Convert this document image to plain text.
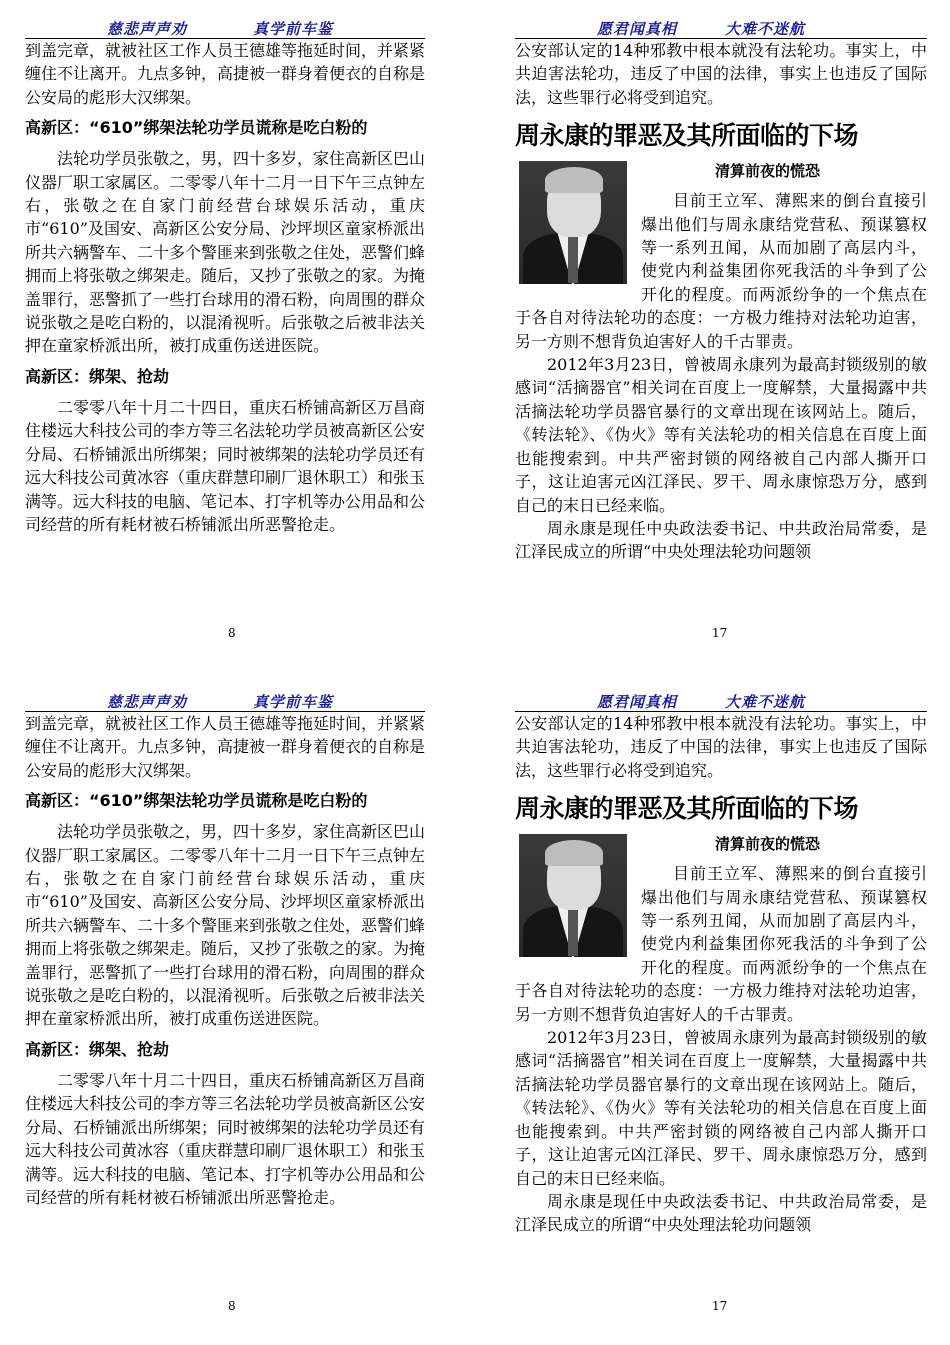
慈悲声声劝	真学前车鉴

到盖完章，就被社区工作人员王德雄等拖延时间，并紧紧缠住不让离开。九点多钟，高捷被一群身着便衣的自称是公安局的彪形大汉绑架。

高新区：“610”绑架法轮功学员谎称是吃白粉的

法轮功学员张敬之，男，四十多岁，家住高新区巴山仪器厂职工家属区。二零零八年十二月一日下午三点钟左右，张敬之在自家门前经营台球娱乐活动，重庆市“610”及国安、高新区公安分局、沙坪坝区童家桥派出所共六辆警车、二十多个警匪来到张敬之住处，恶警们蜂拥而上将张敬之绑架走。随后，又抄了张敬之的家。为掩盖罪行，恶警抓了一些打台球用的滑石粉，向周围的群众说张敬之是吃白粉的，以混淆视听。后张敬之后被非法关押在童家桥派出所，被打成重伤送进医院。

高新区：绑架、抢劫

二零零八年十月二十四日，重庆石桥铺高新区万昌商住楼远大科技公司的李方等三名法轮功学员被高新区公安分局、石桥铺派出所绑架；同时被绑架的法轮功学员还有远大科技公司黄冰容（重庆群慧印刷厂退休职工）和张玉满等。远大科技的电脑、笔记本、打字机等办公用品和公司经营的所有耗材被石桥铺派出所恶警抢走。

8
愿君闻真相	大难不迷航

公安部认定的14种邪教中根本就没有法轮功。事实上，中共迫害法轮功，违反了中国的法律，事实上也违反了国际法，这些罪行必将受到追究。

周永康的罪恶及其所面临的下场
清算前夜的慌恐

目前王立军、薄熙来的倒台直接引爆出他们与周永康结党营私、预谋篡权等一系列丑闻，从而加剧了高层内斗，使党内利益集团你死我活的斗争到了公开化的程度。而两派纷争的一个焦点在于各自对待法轮功的态度：一方极力维持对法轮功迫害，另一方则不想背负迫害好人的千古罪责。

2012年3月23日，曾被周永康列为最高封锁级别的敏感词“活摘器官”相关词在百度上一度解禁，大量揭露中共活摘法轮功学员器官暴行的文章出现在该网站上。随后，《转法轮》、《伪火》等有关法轮功的相关信息在百度上面也能搜索到。中共严密封锁的网络被自己内部人撕开口子，这让迫害元凶江泽民、罗干、周永康惊恐万分，感到自己的末日已经来临。

周永康是现任中央政法委书记、中共政治局常委，是江泽民成立的所谓“中央处理法轮功问题领

17
慈悲声声劝	真学前车鉴

到盖完章，就被社区工作人员王德雄等拖延时间，并紧紧缠住不让离开。九点多钟，高捷被一群身着便衣的自称是公安局的彪形大汉绑架。

高新区：“610”绑架法轮功学员谎称是吃白粉的

法轮功学员张敬之，男，四十多岁，家住高新区巴山仪器厂职工家属区。二零零八年十二月一日下午三点钟左右，张敬之在自家门前经营台球娱乐活动，重庆市“610”及国安、高新区公安分局、沙坪坝区童家桥派出所共六辆警车、二十多个警匪来到张敬之住处，恶警们蜂拥而上将张敬之绑架走。随后，又抄了张敬之的家。为掩盖罪行，恶警抓了一些打台球用的滑石粉，向周围的群众说张敬之是吃白粉的，以混淆视听。后张敬之后被非法关押在童家桥派出所，被打成重伤送进医院。

高新区：绑架、抢劫

二零零八年十月二十四日，重庆石桥铺高新区万昌商住楼远大科技公司的李方等三名法轮功学员被高新区公安分局、石桥铺派出所绑架；同时被绑架的法轮功学员还有远大科技公司黄冰容（重庆群慧印刷厂退休职工）和张玉满等。远大科技的电脑、笔记本、打字机等办公用品和公司经营的所有耗材被石桥铺派出所恶警抢走。

8
愿君闻真相	大难不迷航

公安部认定的14种邪教中根本就没有法轮功。事实上，中共迫害法轮功，违反了中国的法律，事实上也违反了国际法，这些罪行必将受到追究。

周永康的罪恶及其所面临的下场
清算前夜的慌恐

目前王立军、薄熙来的倒台直接引爆出他们与周永康结党营私、预谋篡权等一系列丑闻，从而加剧了高层内斗，使党内利益集团你死我活的斗争到了公开化的程度。而两派纷争的一个焦点在于各自对待法轮功的态度：一方极力维持对法轮功迫害，另一方则不想背负迫害好人的千古罪责。

2012年3月23日，曾被周永康列为最高封锁级别的敏感词“活摘器官”相关词在百度上一度解禁，大量揭露中共活摘法轮功学员器官暴行的文章出现在该网站上。随后，《转法轮》、《伪火》等有关法轮功的相关信息在百度上面也能搜索到。中共严密封锁的网络被自己内部人撕开口子，这让迫害元凶江泽民、罗干、周永康惊恐万分，感到自己的末日已经来临。

周永康是现任中央政法委书记、中共政治局常委，是江泽民成立的所谓“中央处理法轮功问题领

17
